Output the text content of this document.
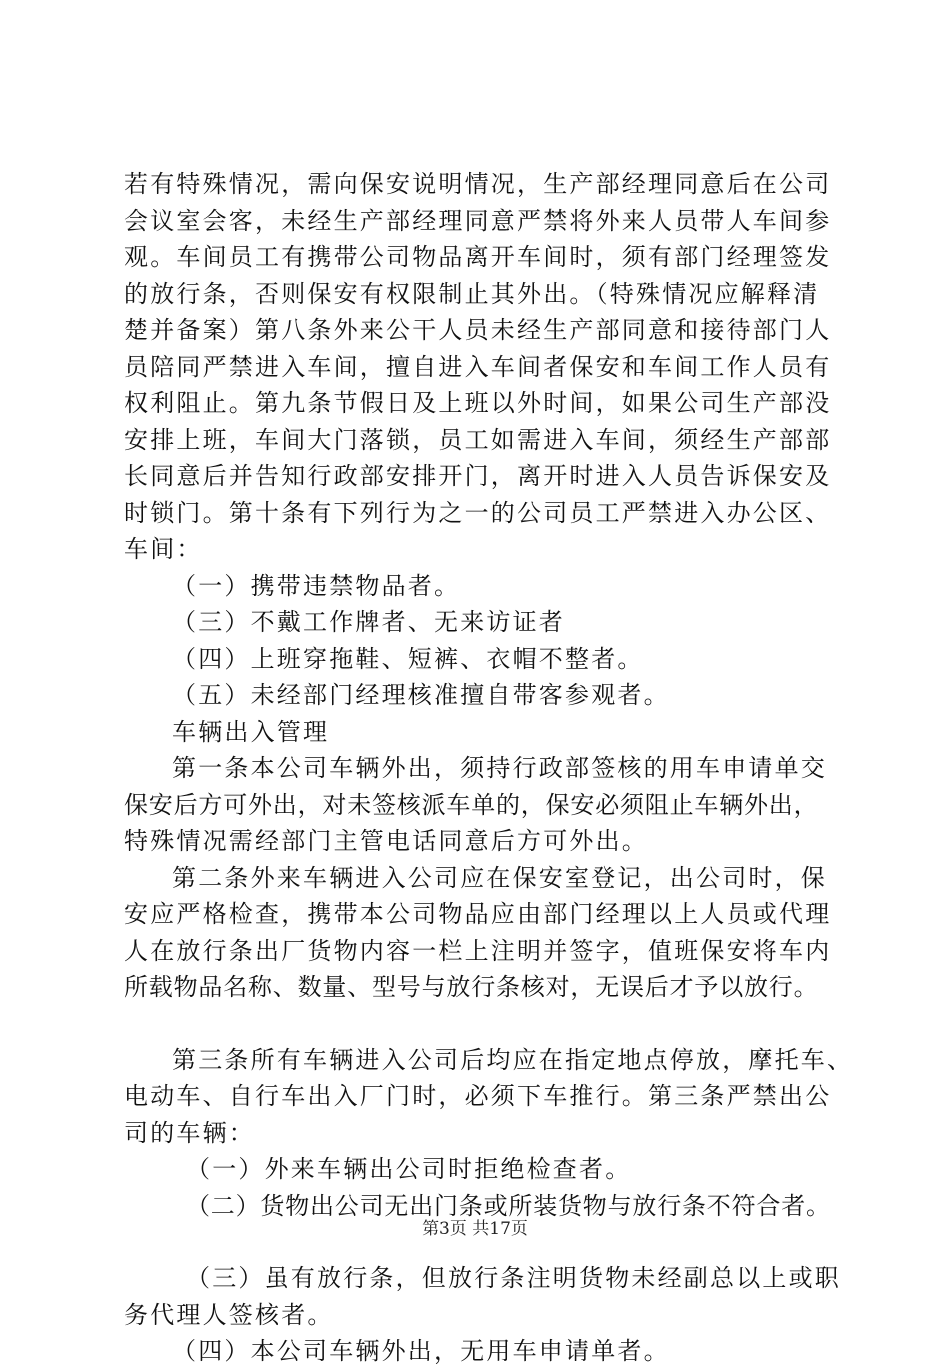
若有特殊情况，需向保安说明情况，生产部经理同意后在公司
会议室会客，未经生产部经理同意严禁将外来人员带人车间参
观。车间员工有携带公司物品离开车间时，须有部门经理签发
的放行条，否则保安有权限制止其外出。（特殊情况应解释清
楚并备案）第八条外来公干人员未经生产部同意和接待部门人
员陪同严禁进入车间，擅自进入车间者保安和车间工作人员有
权利阻止。第九条节假日及上班以外时间，如果公司生产部没
安排上班，车间大门落锁，员工如需进入车间，须经生产部部
长同意后并告知行政部安排开门，离开时进入人员告诉保安及
时锁门。第十条有下列行为之一的公司员工严禁进入办公区、
车间：
（一）携带违禁物品者。
（三）不戴工作牌者、无来访证者
（四）上班穿拖鞋、短裤、衣帽不整者。
（五）未经部门经理核准擅自带客参观者。
车辆出入管理
第一条本公司车辆外出，须持行政部签核的用车申请单交
保安后方可外出，对未签核派车单的，保安必须阻止车辆外出，
特殊情况需经部门主管电话同意后方可外出。
第二条外来车辆进入公司应在保安室登记，出公司时，保
安应严格检查，携带本公司物品应由部门经理以上人员或代理
人在放行条出厂货物内容一栏上注明并签字，值班保安将车内
所载物品名称、数量、型号与放行条核对，无误后才予以放行。
第三条所有车辆进入公司后均应在指定地点停放，摩托车、
电动车、自行车出入厂门时，必须下车推行。第三条严禁出公
司的车辆：
（一）外来车辆出公司时拒绝检查者。
（二）货物出公司无出门条或所装货物与放行条不符合者。
（三）虽有放行条，但放行条注明货物未经副总以上或职
务代理人签核者。
（四）本公司车辆外出，无用车申请单者。
第3页 共17页
